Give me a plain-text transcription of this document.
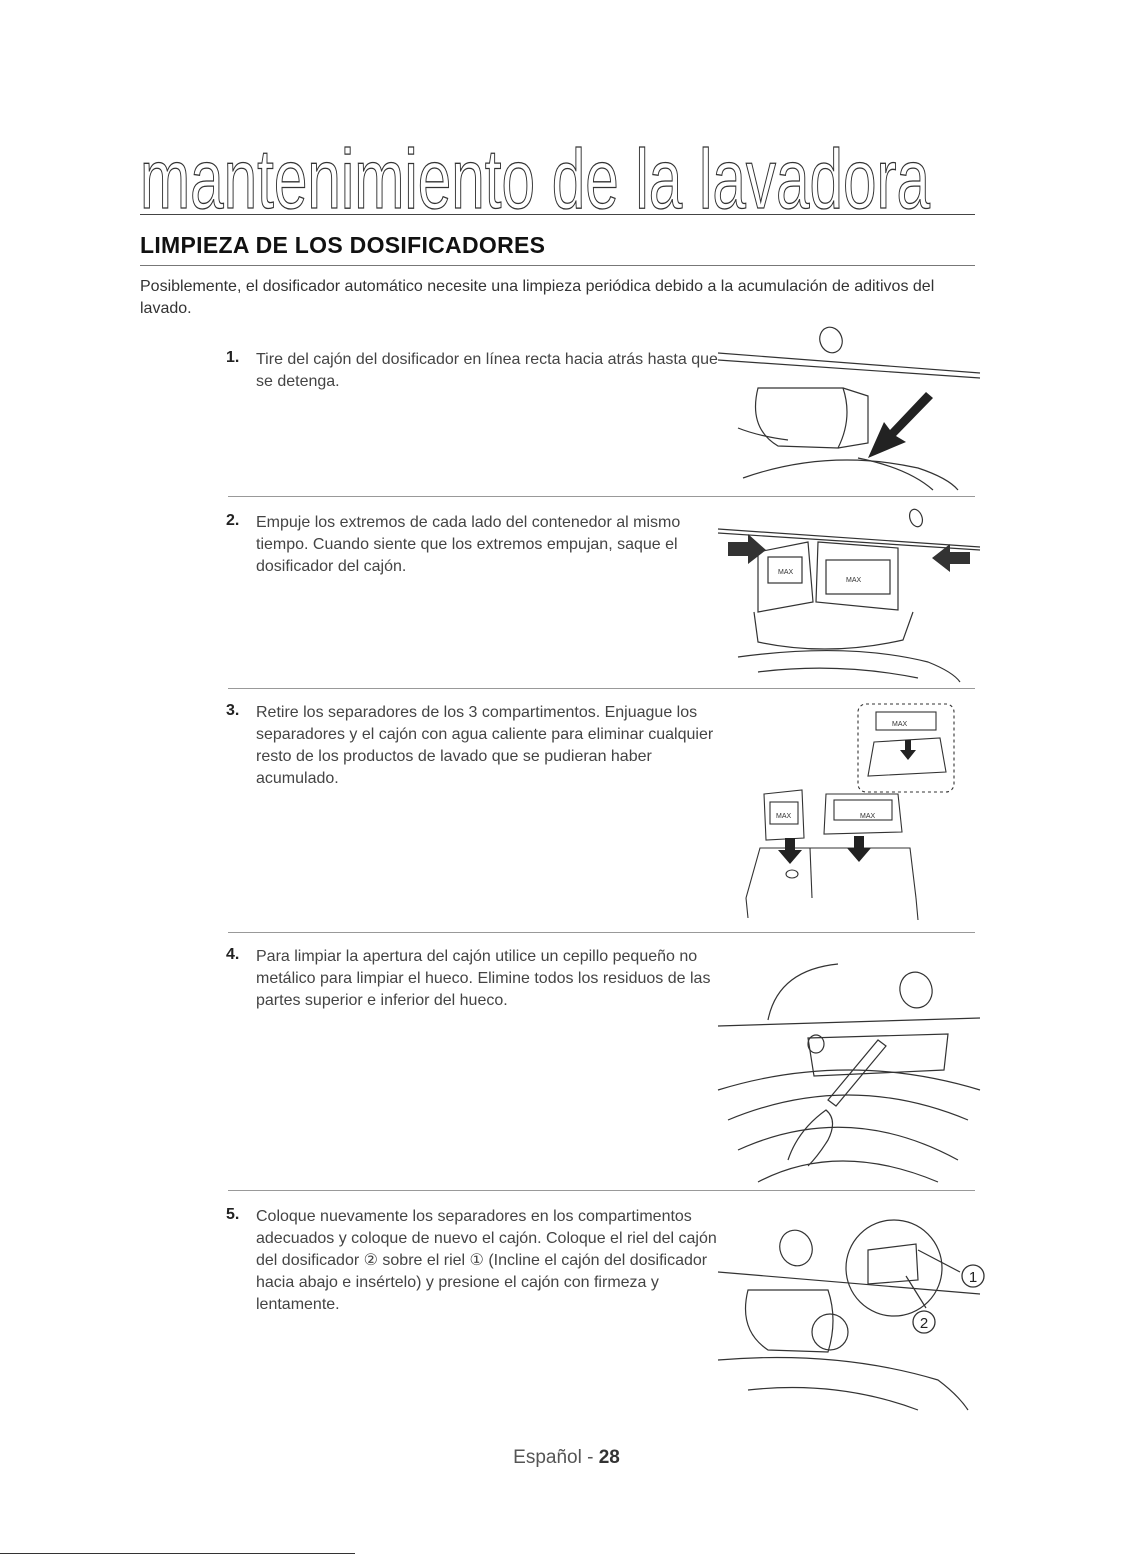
mantenimiento de la lavadora
LIMPIEZA DE LOS DOSIFICADORES
Posiblemente, el dosificador automático necesite una limpieza periódica debido a la acumulación de aditivos del lavado.
1. Tire del cajón del dosificador en línea recta hacia atrás hasta que se detenga.
2. Empuje los extremos de cada lado del contenedor al mismo tiempo. Cuando siente que los extremos empujan, saque el dosificador del cajón.	MAX
MAX
3. Retire los separadores de los 3 compartimentos. Enjuague los separadores y el cajón con agua caliente para eliminar cualquier resto de los productos de lavado que se pudieran haber acumulado.
MAX
MAX	MAX
4. Para limpiar la apertura del cajón utilice un cepillo pequeño no metálico para limpiar el hueco. Elimine todos los residuos de las partes superior e inferior del hueco.
5. Coloque nuevamente los separadores en los compartimentos adecuados y coloque de nuevo el cajón. Coloque el riel del cajón del dosificador ② sobre el riel ① (Incline el cajón del dosificador hacia abajo e insértelo) y presione el cajón con firmeza y lentamente.
1
2
Español - 28
